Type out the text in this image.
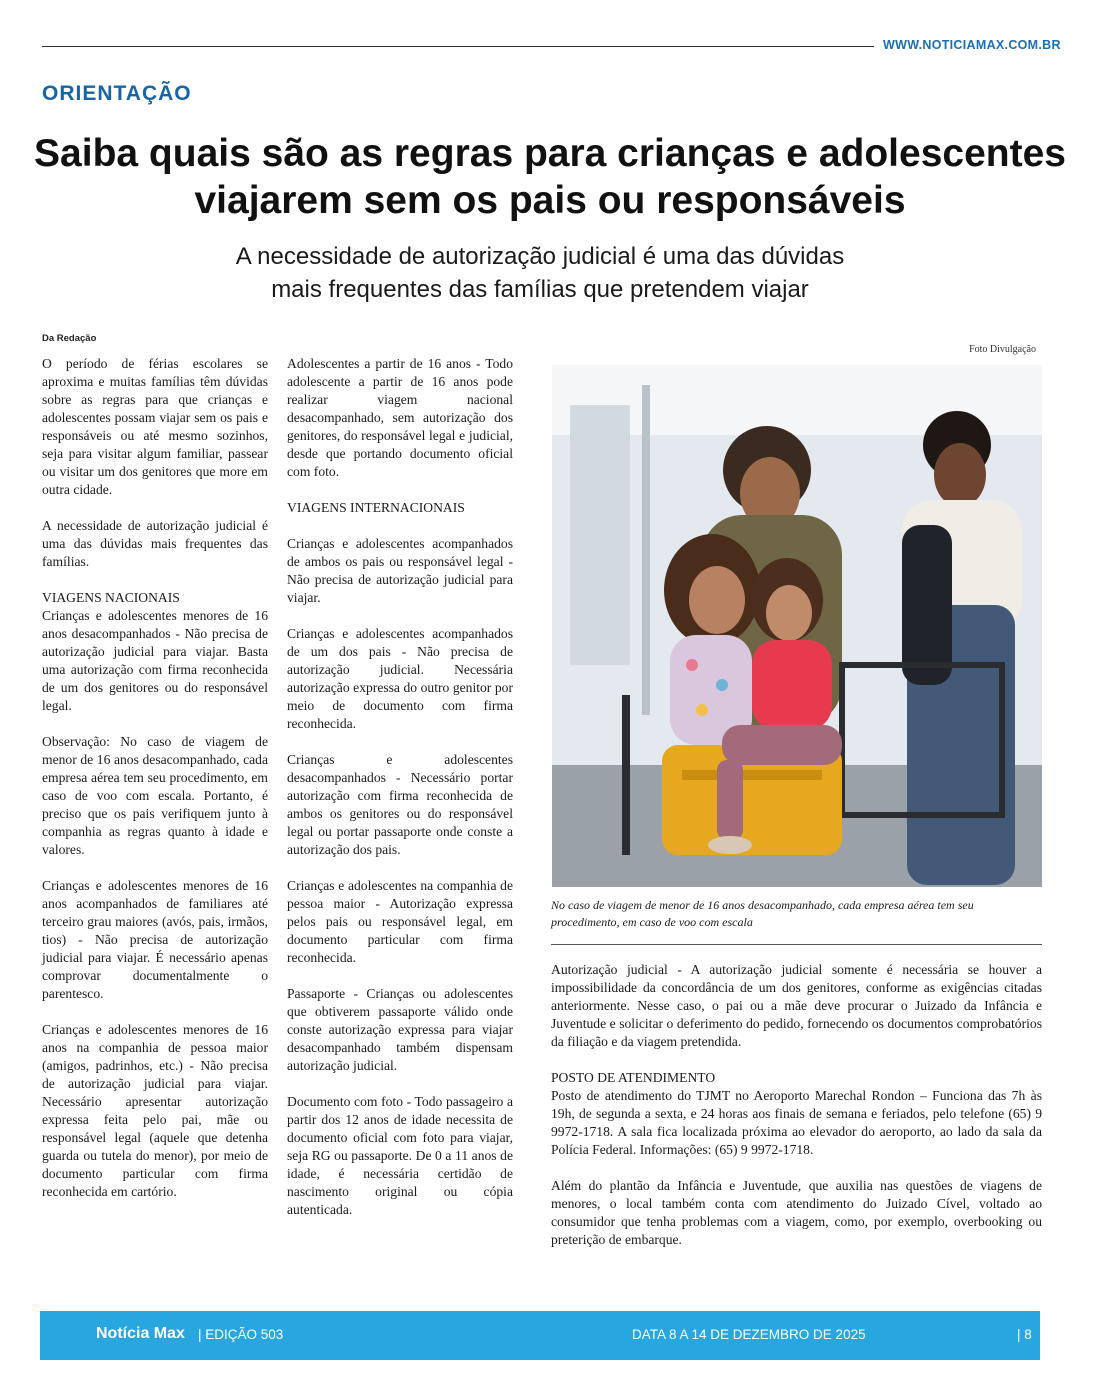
WWW.NOTICIAMAX.COM.BR
ORIENTAÇÃO
Saiba quais são as regras para crianças e adolescentes
viajarem sem os pais ou responsáveis

A necessidade de autorização judicial é uma das dúvidas
mais frequentes das famílias que pretendem viajar

Da Redação

O período de férias escolares se aproxima e muitas famílias têm dúvidas sobre as regras para que crianças e adolescentes possam viajar sem os pais e responsáveis ou até mesmo sozinhos, seja para visitar algum familiar, passear ou visitar um dos genitores que more em outra cidade.

A necessidade de autorização judicial é uma das dúvidas mais frequentes das famílias.

VIAGENS NACIONAIS

Crianças e adolescentes menores de 16 anos desacompanhados - Não precisa de autorização judicial para viajar. Basta uma autorização com firma reconhecida de um dos genitores ou do responsável legal.

Observação: No caso de viagem de menor de 16 anos desacompanhado, cada empresa aérea tem seu procedimento, em caso de voo com escala. Portanto, é preciso que os pais verifiquem junto à companhia as regras quanto à idade e valores.

Crianças e adolescentes menores de 16 anos acompanhados de familiares até terceiro grau maiores (avós, pais, irmãos, tios) - Não precisa de autorização judicial para viajar. É necessário apenas comprovar documentalmente o parentesco.

Crianças e adolescentes menores de 16 anos na companhia de pessoa maior (amigos, padrinhos, etc.) - Não precisa de autorização judicial para viajar. Necessário apresentar autorização expressa feita pelo pai, mãe ou responsável legal (aquele que detenha guarda ou tutela do menor), por meio de documento particular com firma reconhecida em cartório.

Adolescentes a partir de 16 anos - Todo adolescente a partir de 16 anos pode realizar viagem nacional desacompanhado, sem autorização dos genitores, do responsável legal e judicial, desde que portando documento oficial com foto.

VIAGENS INTERNACIONAIS

Crianças e adolescentes acompanhados de ambos os pais ou responsável legal - Não precisa de autorização judicial para viajar.

Crianças e adolescentes acompanhados de um dos pais - Não precisa de autorização judicial. Necessária autorização expressa do outro genitor por meio de documento com firma reconhecida.

Crianças e adolescentes desacompanhados - Necessário portar autorização com firma reconhecida de ambos os genitores ou do responsável legal ou portar passaporte onde conste a autorização dos pais.

Crianças e adolescentes na companhia de pessoa maior - Autorização expressa pelos pais ou responsável legal, em documento particular com firma reconhecida.

Passaporte - Crianças ou adolescentes que obtiverem passaporte válido onde conste autorização expressa para viajar desacompanhado também dispensam autorização judicial.

Documento com foto - Todo passageiro a partir dos 12 anos de idade necessita de documento oficial com foto para viajar, seja RG ou passaporte. De 0 a 11 anos de idade, é necessária certidão de nascimento original ou cópia autenticada.

Foto Divulgação
No caso de viagem de menor de 16 anos desacompanhado, cada empresa aérea tem seu procedimento, em caso de voo com escala

Autorização judicial - A autorização judicial somente é necessária se houver a impossibilidade da concordância de um dos genitores, conforme as exigências citadas anteriormente. Nesse caso, o pai ou a mãe deve procurar o Juizado da Infância e Juventude e solicitar o deferimento do pedido, fornecendo os documentos comprobatórios da filiação e da viagem pretendida.

POSTO DE ATENDIMENTO

Posto de atendimento do TJMT no Aeroporto Marechal Rondon – Funciona das 7h às 19h, de segunda a sexta, e 24 horas aos finais de semana e feriados, pelo telefone (65) 9 9972-1718. A sala fica localizada próxima ao elevador do aeroporto, ao lado da sala da Polícia Federal. Informações: (65) 9 9972-1718.

Além do plantão da Infância e Juventude, que auxilia nas questões de viagens de menores, o local também conta com atendimento do Juizado Cível, voltado ao consumidor que tenha problemas com a viagem, como, por exemplo, overbooking ou preterição de embarque.

Notícia Max | EDIÇÃO 503	DATA 8 A 14 DE DEZEMBRO DE 2025	| 8
